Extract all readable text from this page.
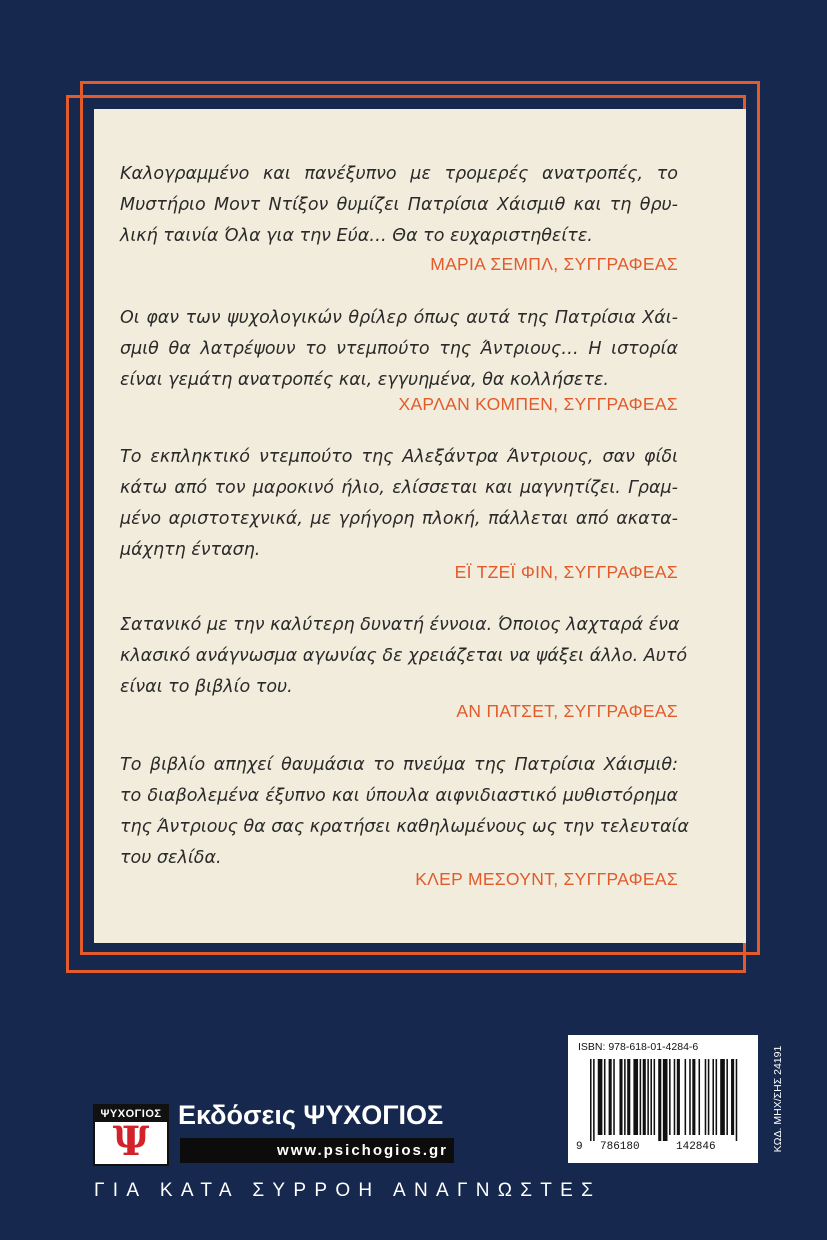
Καλογραμμένο και πανέξυπνο με τρομερές ανατροπές, το
Μυστήριο Μοντ Ντίξον θυμίζει Πατρίσια Χάισμιθ και τη θρυ-
λική ταινία Όλα για την Εύα… Θα το ευχαριστηθείτε.

ΜΑΡΙΑ ΣΕΜΠΛ, ΣΥΓΓΡΑΦΕΑΣ

Οι φαν των ψυχολογικών θρίλερ όπως αυτά της Πατρίσια Χάι-
σμιθ θα λατρέψουν το ντεμπούτο της Άντριους… Η ιστορία
είναι γεμάτη ανατροπές και, εγγυημένα, θα κολλήσετε.

ΧΑΡΛΑΝ ΚΟΜΠΕΝ, ΣΥΓΓΡΑΦΕΑΣ

Το εκπληκτικό ντεμπούτο της Αλεξάντρα Άντριους, σαν φίδι
κάτω από τον μαροκινό ήλιο, ελίσσεται και μαγνητίζει. Γραμ-
μένο αριστοτεχνικά, με γρήγορη πλοκή, πάλλεται από ακατα-
μάχητη ένταση.

ΕΪ ΤΖΕΪ ΦΙΝ, ΣΥΓΓΡΑΦΕΑΣ

Σατανικό με την καλύτερη δυνατή έννοια. Όποιος λαχταρά ένα
κλασικό ανάγνωσμα αγωνίας δε χρειάζεται να ψάξει άλλο. Αυτό
είναι το βιβλίο του.

ΑΝ ΠΑΤΣΕΤ, ΣΥΓΓΡΑΦΕΑΣ

Το βιβλίο απηχεί θαυμάσια το πνεύμα της Πατρίσια Χάισμιθ:
το διαβολεμένα έξυπνο και ύπουλα αιφνιδιαστικό μυθιστόρημα
της Άντριους θα σας κρατήσει καθηλωμένους ως την τελευταία
του σελίδα.

ΚΛΕΡ ΜΕΣΟΥΝΤ, ΣΥΓΓΡΑΦΕΑΣ
ΨΥΧΟΓΙΟΣ
Ψ
Εκδόσεις ΨΥΧΟΓΙΟΣ
www.psichogios.gr
ΓΙΑ ΚΑΤΑ ΣΥΡΡΟΗ ΑΝΑΓΝΩΣΤΕΣ
ISBN: 978-618-01-4284-6
9 786180	142846	ΚΩΔ. ΜΗΧ/ΣΗΣ 24191
